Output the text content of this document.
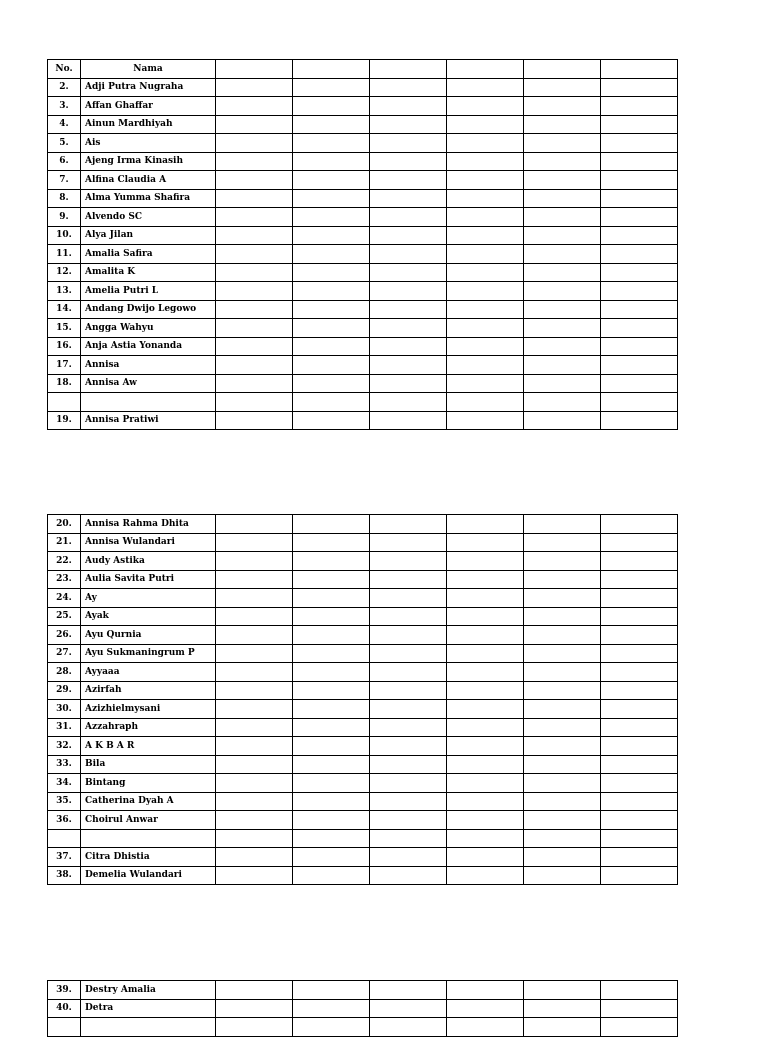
No.	Nama						
2.	Adji Putra Nugraha						
3.	Affan Ghaffar						
4.	Ainun Mardhiyah						
5.	Ais						
6.	Ajeng Irma Kinasih						
7.	Alfina Claudia A						
8.	Alma Yumma Shafira						
9.	Alvendo SC						
10.	Alya Jilan						
11.	Amalia Safira						
12.	Amalita K						
13.	Amelia Putri L						
14.	Andang Dwijo Legowo						
15.	Angga Wahyu						
16.	Anja Astia Yonanda						
17.	Annisa						
18.	Annisa Aw						

19.	Annisa Pratiwi						
20.	Annisa Rahma Dhita						
21.	Annisa Wulandari						
22.	Audy Astika						
23.	Aulia Savita Putri						
24.	Ay						
25.	Ayak						
26.	Ayu Qurnia						
27.	Ayu Sukmaningrum P						
28.	Ayyaaa						
29.	Azirfah						
30.	Azizhielmysani						
31.	Azzahraph						
32.	A K B A R						
33.	Bila						
34.	Bintang						
35.	Catherina Dyah A						
36.	Choirul Anwar						

37.	Citra Dhistia						
38.	Demelia Wulandari						
39.	Destry Amalia						
40.	Detra						
